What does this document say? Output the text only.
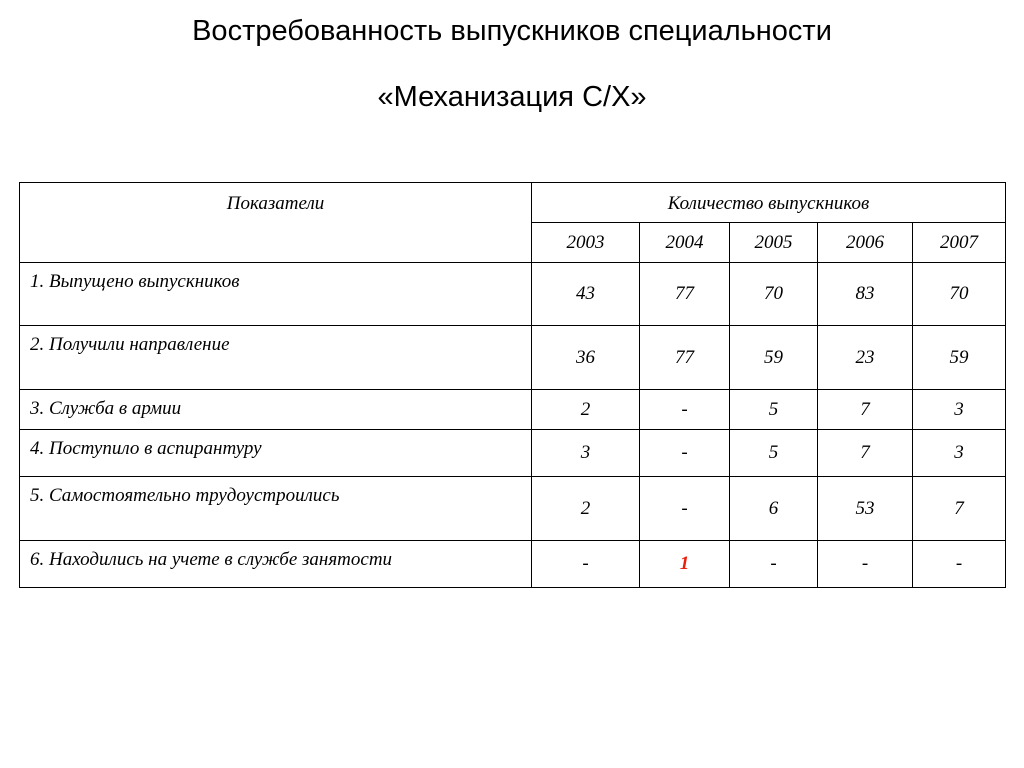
Востребованность выпускников специальности
«Механизация С/Х»
Показатели	Количество выпускников				
	2003	2004	2005	2006	2007
1. Выпущено выпускников	43	77	70	83	70
2. Получили направление	36	77	59	23	59
3. Служба в армии	2	-	5	7	3
4. Поступило в аспирантуру	3	-	5	7	3
5. Самостоятельно трудоустроились	2	-	6	53	7
6. Находились на учете в службе занятости	-	1	-	-	-
